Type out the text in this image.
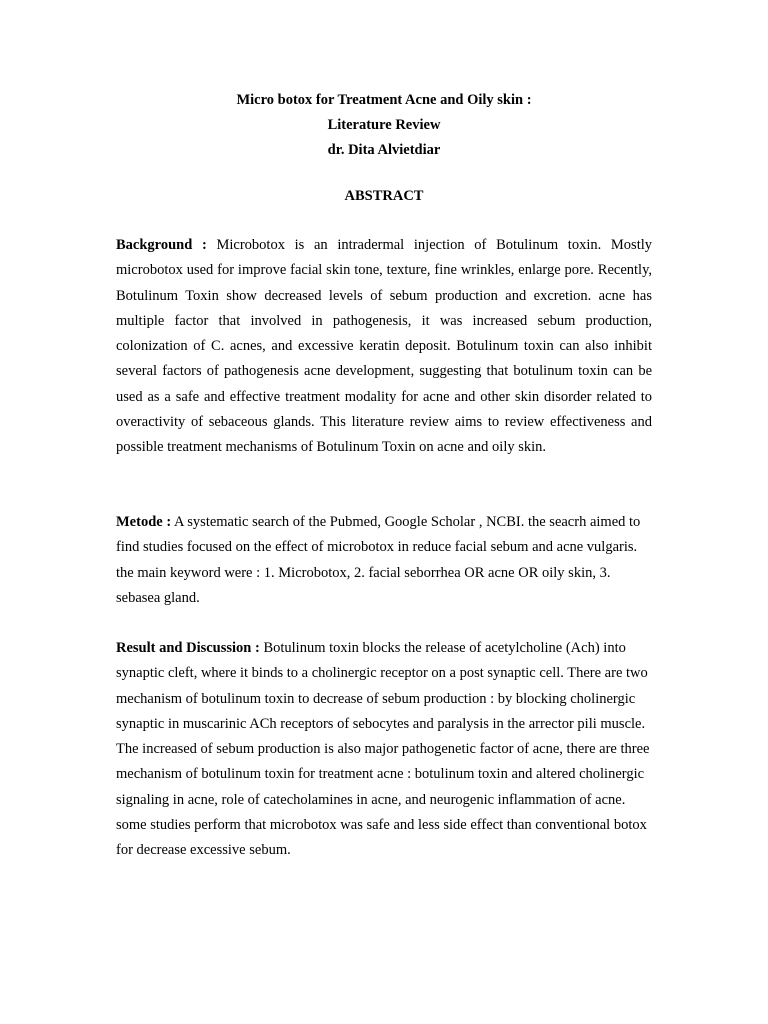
Micro botox for Treatment Acne and Oily skin :
Literature Review
dr. Dita Alvietdiar
ABSTRACT
Background : Microbotox is an intradermal injection of Botulinum toxin. Mostly microbotox used for improve facial skin tone, texture, fine wrinkles, enlarge pore. Recently, Botulinum Toxin show decreased levels of sebum production and excretion. acne has multiple factor that involved in pathogenesis, it was increased sebum production, colonization of C. acnes, and excessive keratin deposit. Botulinum toxin can also inhibit several factors of pathogenesis acne development, suggesting that botulinum toxin can be used as a safe and effective treatment modality for acne and other skin disorder related to overactivity of sebaceous glands. This literature review aims to review effectiveness and possible treatment mechanisms of Botulinum Toxin on acne and oily skin.
Metode : A systematic search of the Pubmed, Google Scholar , NCBI. the seacrh aimed to find studies focused on the effect of microbotox in reduce facial sebum and acne vulgaris. the main keyword were : 1. Microbotox, 2. facial seborrhea OR acne OR oily skin, 3. sebasea gland.
Result and Discussion : Botulinum toxin blocks the release of acetylcholine (Ach) into synaptic cleft, where it binds to a cholinergic receptor on a post synaptic cell. There are two mechanism of botulinum toxin to decrease of sebum production : by blocking cholinergic synaptic in muscarinic ACh receptors of sebocytes and paralysis in the arrector pili muscle. The increased of sebum production is also major pathogenetic factor of acne, there are three mechanism of botulinum toxin for treatment acne : botulinum toxin and altered cholinergic signaling in acne, role of catecholamines in acne, and neurogenic inflammation of acne. some studies perform that microbotox was safe and less side effect than conventional botox for decrease excessive sebum.
